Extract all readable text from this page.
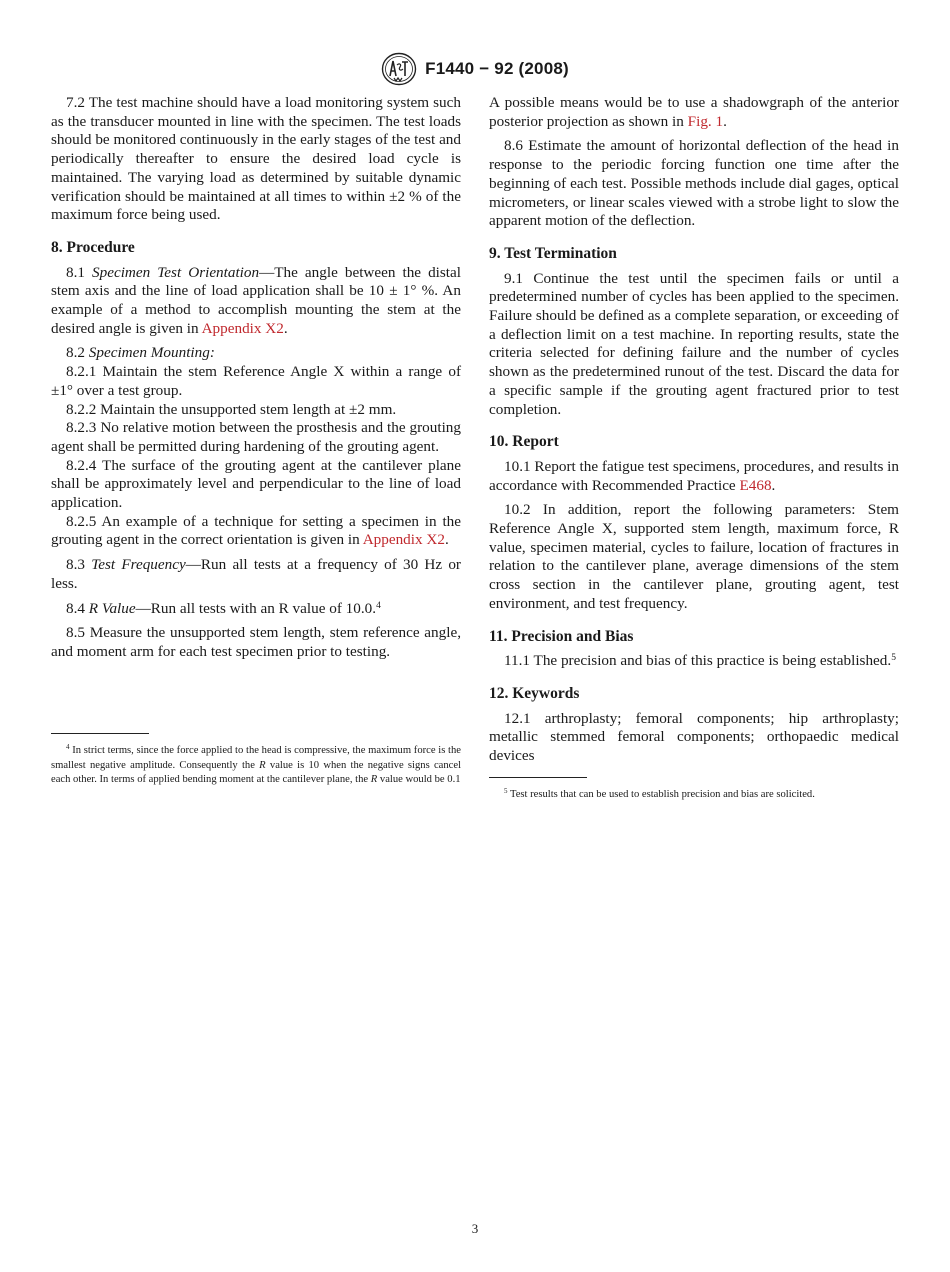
F1440 − 92 (2008)

7.2 The test machine should have a load monitoring system such as the transducer mounted in line with the specimen. The test loads should be monitored continuously in the early stages of the test and periodically thereafter to ensure the desired load cycle is maintained. The varying load as determined by suitable dynamic verification should be maintained at all times to within ±2 % of the maximum force being used.

8. Procedure

8.1 Specimen Test Orientation—The angle between the distal stem axis and the line of load application shall be 10 ± 1° %. An example of a method to accomplish mounting the stem at the desired angle is given in Appendix X2.

8.2 Specimen Mounting:

8.2.1 Maintain the stem Reference Angle X within a range of ±1° over a test group.

8.2.2 Maintain the unsupported stem length at ±2 mm.

8.2.3 No relative motion between the prosthesis and the grouting agent shall be permitted during hardening of the grouting agent.

8.2.4 The surface of the grouting agent at the cantilever plane shall be approximately level and perpendicular to the line of load application.

8.2.5 An example of a technique for setting a specimen in the grouting agent in the correct orientation is given in Appendix X2.

8.3 Test Frequency—Run all tests at a frequency of 30 Hz or less.

8.4 R Value—Run all tests with an R value of 10.0.$^4$

8.5 Measure the unsupported stem length, stem reference angle, and moment arm for each test specimen prior to testing.

$^4$ In strict terms, since the force applied to the head is compressive, the maximum force is the smallest negative amplitude. Consequently the R value is 10 when the negative signs cancel each other. In terms of applied bending moment at the cantilever plane, the R value would be 0.1

A possible means would be to use a shadowgraph of the anterior posterior projection as shown in Fig. 1.

8.6 Estimate the amount of horizontal deflection of the head in response to the periodic forcing function one time after the beginning of each test. Possible methods include dial gages, optical micrometers, or linear scales viewed with a strobe light to slow the apparent motion of the deflection.

9. Test Termination

9.1 Continue the test until the specimen fails or until a predetermined number of cycles has been applied to the specimen. Failure should be defined as a complete separation, or exceeding of a deflection limit on a test machine. In reporting results, state the criteria selected for defining failure and the number of cycles shown as the predetermined runout of the test. Discard the data for a specific sample if the grouting agent fractured prior to test completion.

10. Report

10.1 Report the fatigue test specimens, procedures, and results in accordance with Recommended Practice E468.

10.2 In addition, report the following parameters: Stem Reference Angle X, supported stem length, maximum force, R value, specimen material, cycles to failure, location of fractures in relation to the cantilever plane, average dimensions of the stem cross section in the cantilever plane, grouting agent, test environment, and test frequency.

11. Precision and Bias

11.1 The precision and bias of this practice is being established.$^5$

12. Keywords

12.1 arthroplasty; femoral components; hip arthroplasty; metallic stemmed femoral components; orthopaedic medical devices

$^5$ Test results that can be used to establish precision and bias are solicited.

3
